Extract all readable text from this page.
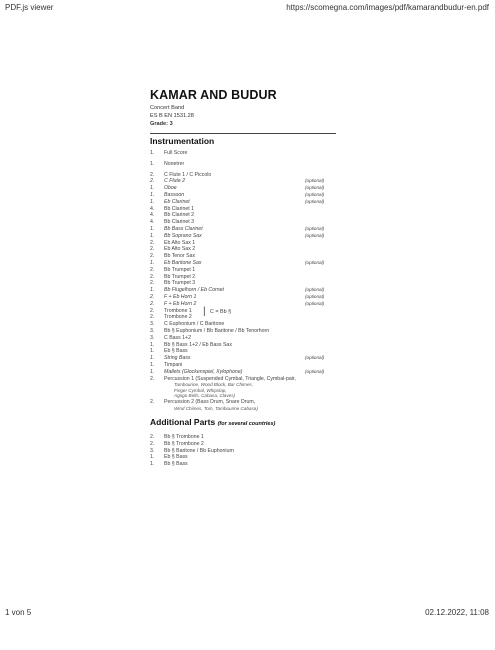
PDF.js viewer	https://scomegna.com/images/pdf/kamarandbudur-en.pdf
KAMAR AND BUDUR
Concert Band
ES B EN 1531.28
Grade: 3
Instrumentation
1.	Full Score
1.	Nonetrer
2.	C Flute 1 / C Piccolo
2.	C Flute 2	(optional)
1.	Oboe	(optional)
1.	Bassoon	(optional)
1.	Eb Clarinet	(optional)
4.	Bb Clarinet 1
4.	Bb Clarinet 2
4.	Bb Clarinet 3
1.	Bb Bass Clarinet	(optional)
1.	Bb Soprano Sax	(optional)
2.	Eb Alto Sax 1
2.	Eb Alto Sax 2
2.	Bb Tenor Sax
1.	Eb Baritone Sax	(optional)
2.	Bb Trumpet 1
2.	Bb Trumpet 2
2.	Bb Trumpet 3
1.	Bb Flugelhorn / Eb Cornet	(optional)
2.	F + Eb Horn 1	(optional)
2.	F + Eb Horn 2	(optional)
2.	Trombone 1 | C = Bb §
2.	Trombone 2
3.	C Euphonium / C Baritone
3.	Bb § Euphonium / Bb Baritone / Bb Tenorhorn
3.	C Bass 1+2
1.	Bb § Bass 1+2 / Eb Bass Sax
1.	Eb § Bass
1.	String Bass	(optional)
1.	Timpani
1.	Mallets (Glockenspiel, Xylophone)	(optional)
2.	Percussion 1 (Suspended Cymbal, Triangle, Cymbal-pair,
Tambourine, Wood Block, Bar Chimes,
Finger Cymbal, Whipslap,
Agogo Bells, Cabasa, Claves)
2.	Percussion 2 (Bass Drum, Snare Drum,
Wind Chimes, Tom, Tambourine Cabasa)
Additional Parts (for several countries)
2.	Bb § Trombone 1
2.	Bb § Trombone 2
3.	Bb § Baritone / Bb Euphonium
1.	Eb § Bass
1.	Bb § Bass
1 von 5	02.12.2022, 11:08
